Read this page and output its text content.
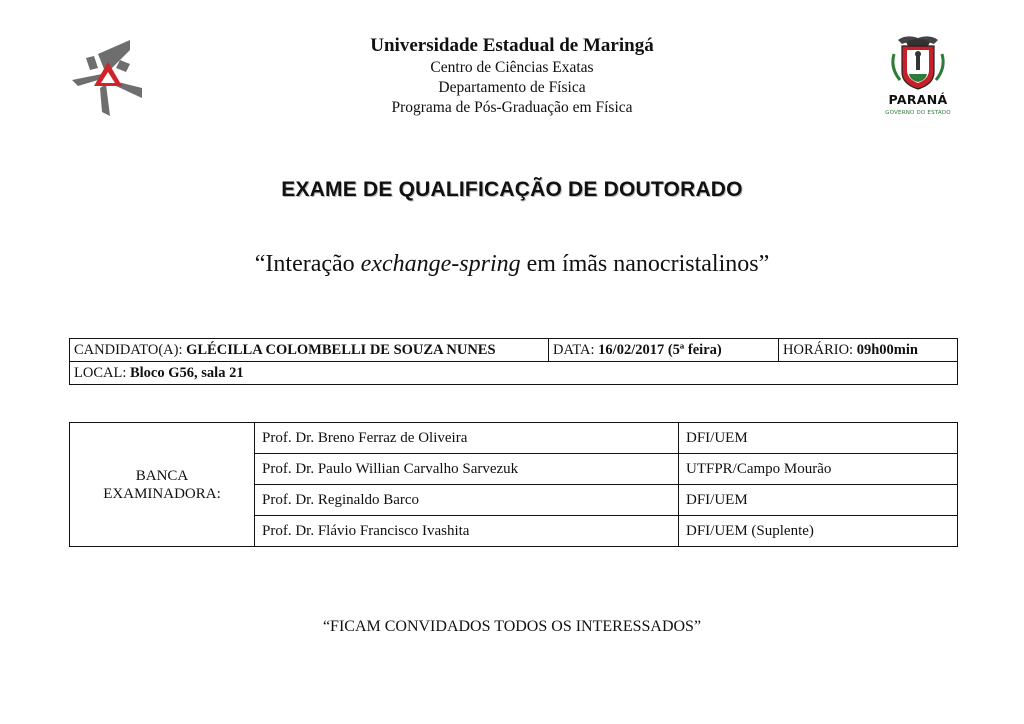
Universidade Estadual de Maringá
Centro de Ciências Exatas
Departamento de Física
Programa de Pós-Graduação em Física	PARANÁ
GOVERNO DO ESTADO
EXAME DE QUALIFICAÇÃO DE DOUTORADO
“Interação exchange-spring em ímãs nanocristalinos”
CANDIDATO(A): GLÉCILLA COLOMBELLI DE SOUZA NUNES	DATA: 16/02/2017 (5ª feira)	HORÁRIO: 09h00min
LOCAL: Bloco G56, sala 21
BANCA
EXAMINADORA:	Prof. Dr. Breno Ferraz de Oliveira	DFI/UEM
	Prof. Dr. Paulo Willian Carvalho Sarvezuk	UTFPR/Campo Mourão
	Prof. Dr. Reginaldo Barco	DFI/UEM
	Prof. Dr. Flávio Francisco Ivashita	DFI/UEM (Suplente)
“FICAM CONVIDADOS TODOS OS INTERESSADOS”
